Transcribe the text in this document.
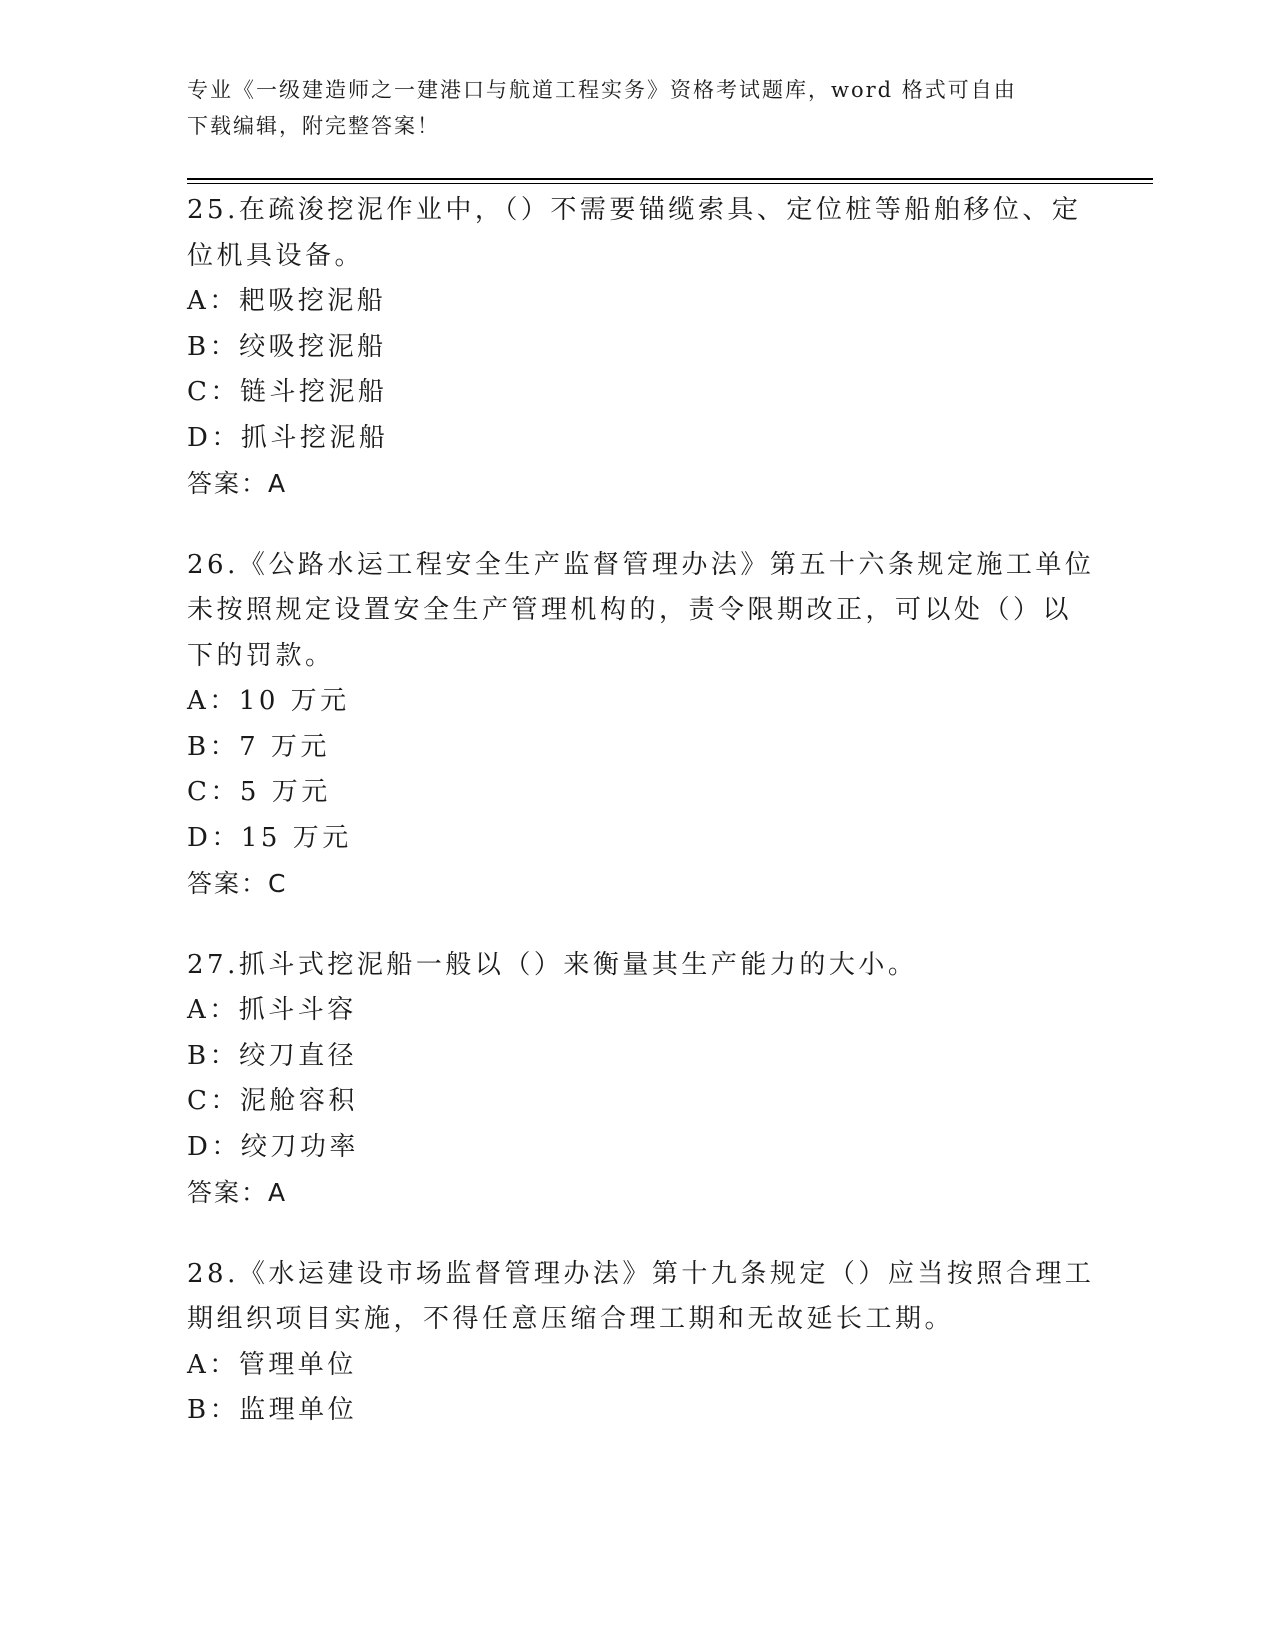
专业《一级建造师之一建港口与航道工程实务》资格考试题库，word 格式可自由
下载编辑，附完整答案！
25.在疏浚挖泥作业中，（）不需要锚缆索具、定位桩等船舶移位、定
位机具设备。
A：耙吸挖泥船
B：绞吸挖泥船
C：链斗挖泥船
D：抓斗挖泥船
答案：A
26.《公路水运工程安全生产监督管理办法》第五十六条规定施工单位
未按照规定设置安全生产管理机构的，责令限期改正，可以处（）以
下的罚款。
A：10 万元
B：7 万元
C：5 万元
D：15 万元
答案：C
27.抓斗式挖泥船一般以（）来衡量其生产能力的大小。
A：抓斗斗容
B：绞刀直径
C：泥舱容积
D：绞刀功率
答案：A
28.《水运建设市场监督管理办法》第十九条规定（）应当按照合理工
期组织项目实施，不得任意压缩合理工期和无故延长工期。
A：管理单位
B：监理单位
